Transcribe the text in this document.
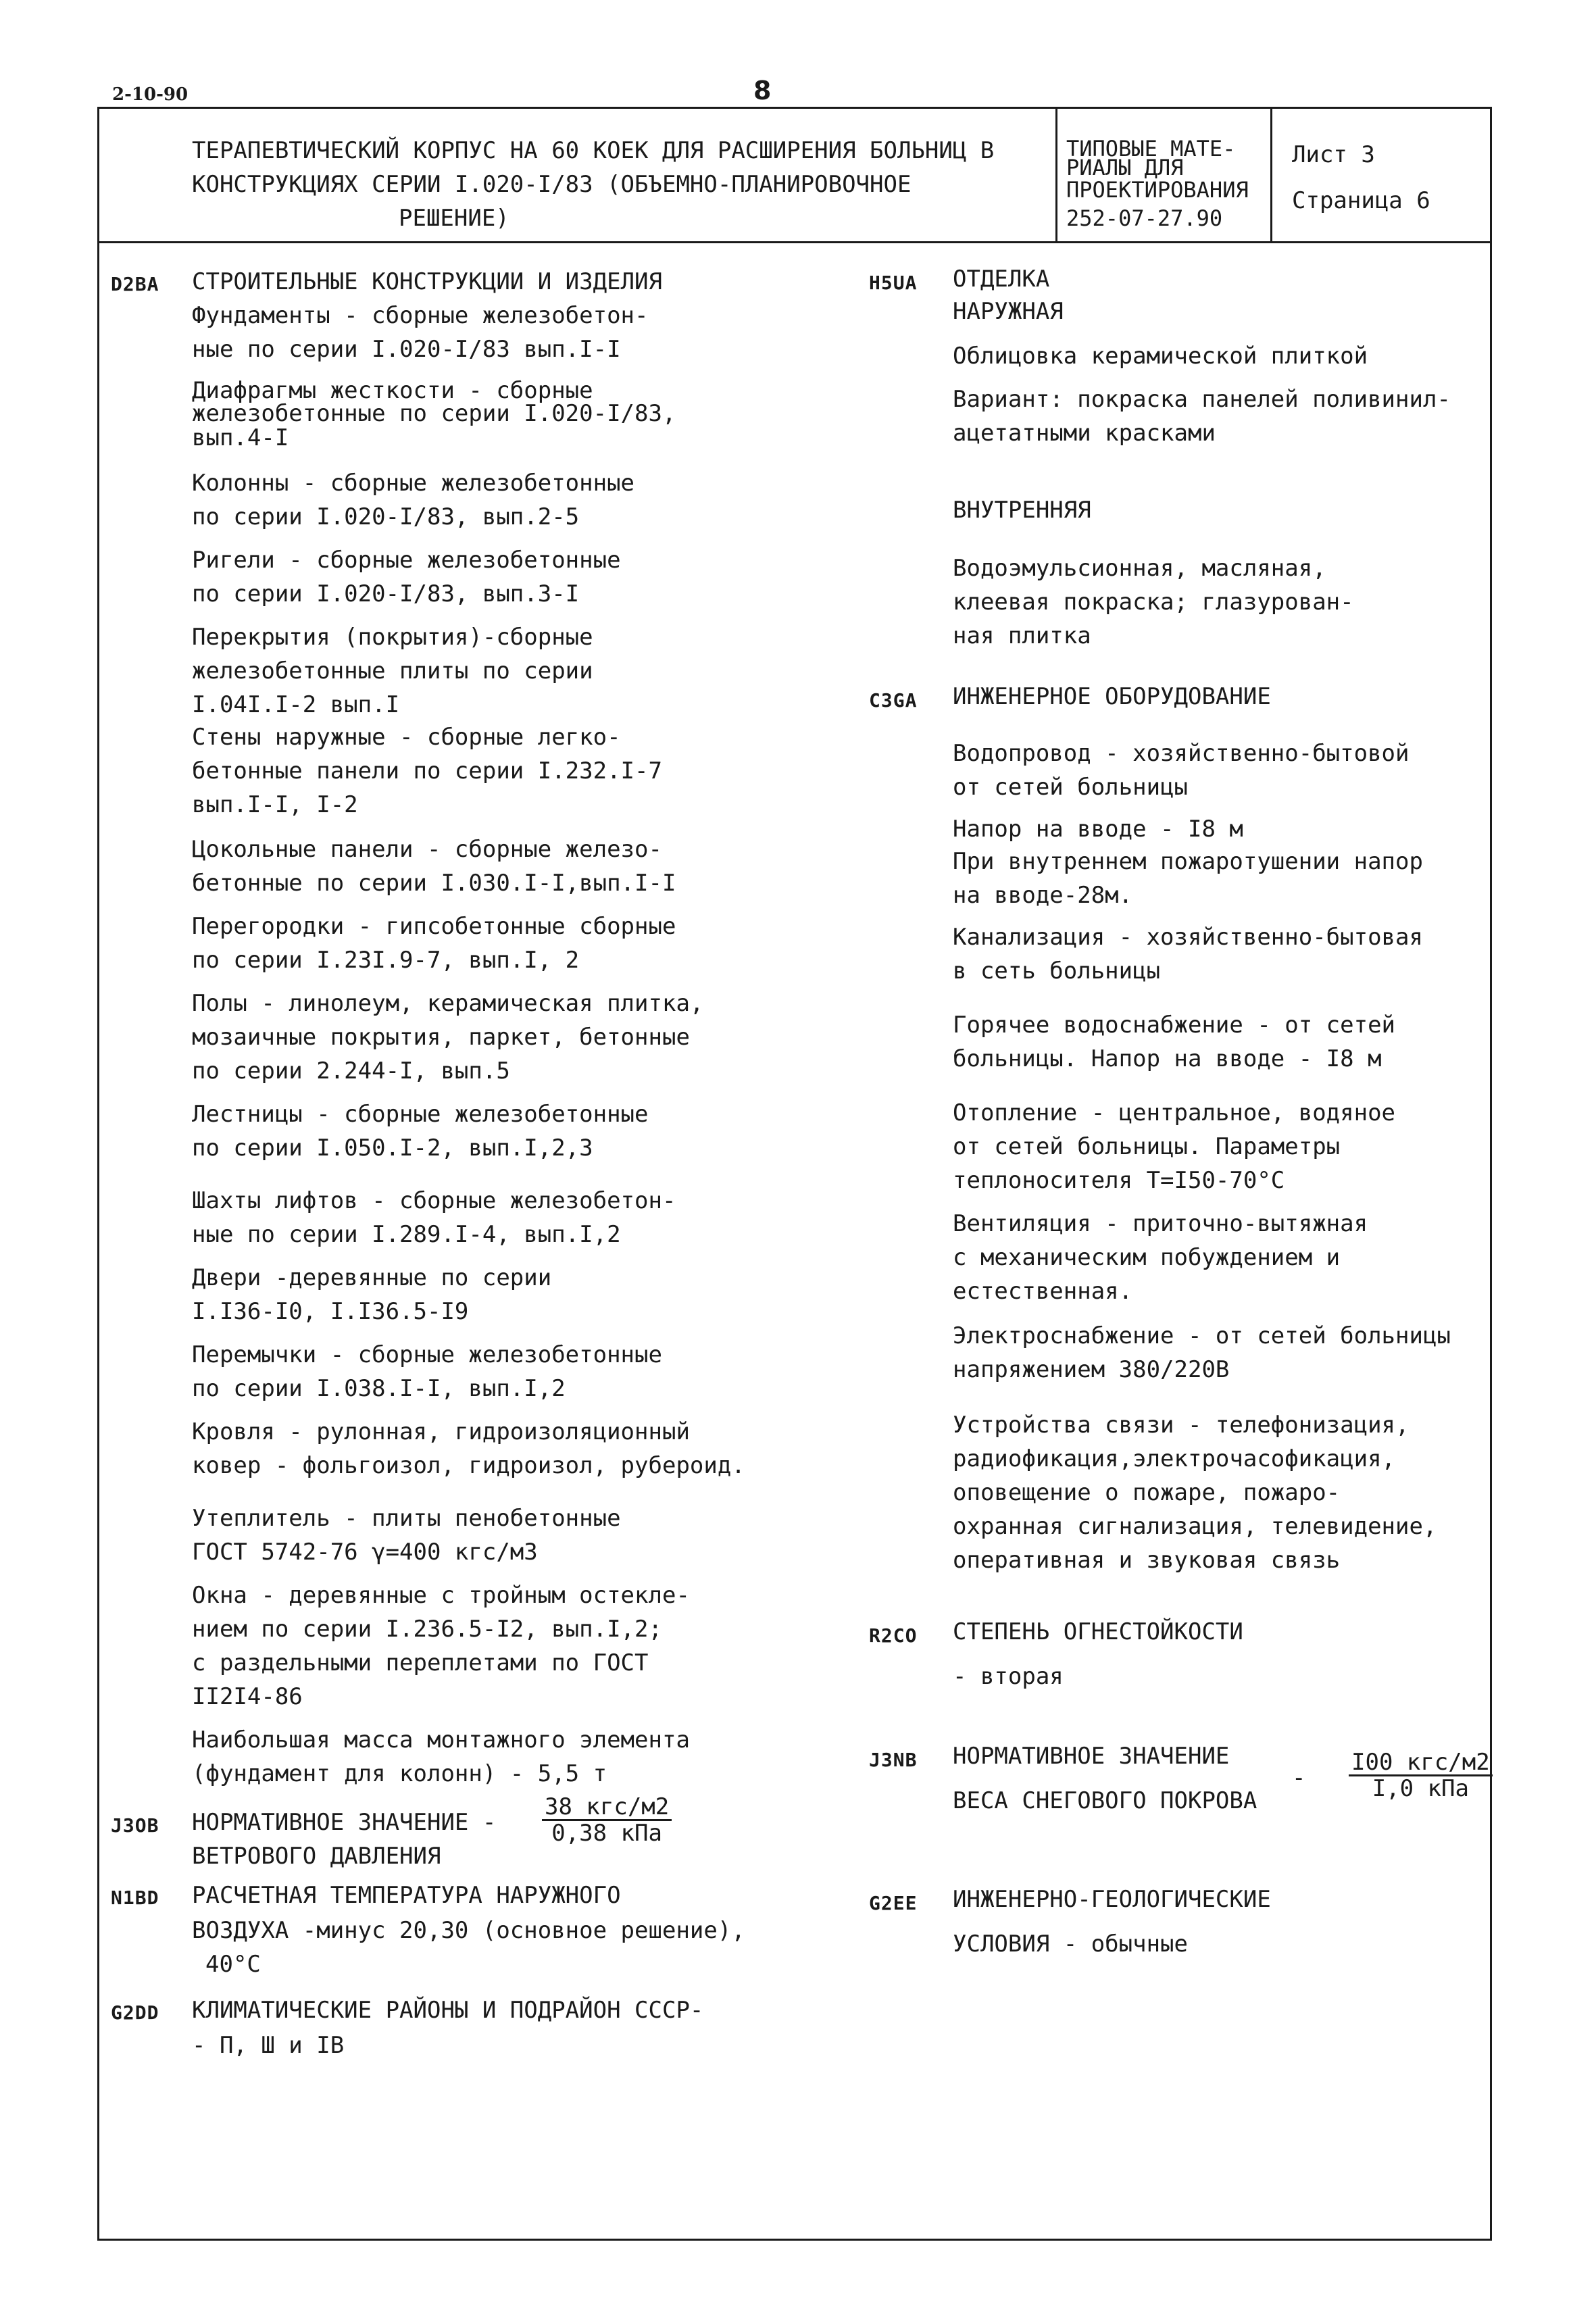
2-10-90	8
ТЕРАПЕВТИЧЕСКИЙ КОРПУС НА 60 КОЕК ДЛЯ РАСШИРЕНИЯ БОЛЬНИЦ В
КОНСТРУКЦИЯХ СЕРИИ I.020-I/83 (ОБЪЕМНО-ПЛАНИРОВОЧНОЕ
РЕШЕНИЕ)
ТИПОВЫЕ МАТЕ-
РИАЛЫ ДЛЯ
ПРОЕКТИРОВАНИЯ
252-07-27.90
Лист 3
Страница 6
D2BA СТРОИТЕЛЬНЫЕ КОНСТРУКЦИИ И ИЗДЕЛИЯ
Фундаменты - сборные железобетон-
ные по серии I.020-I/83 вып.I-I
Диафрагмы жесткости - сборные
железобетонные по серии I.020-I/83,
вып.4-I
Колонны - сборные железобетонные
по серии I.020-I/83, вып.2-5
Ригели - сборные железобетонные
по серии I.020-I/83, вып.3-I
Перекрытия (покрытия)-сборные
железобетонные плиты по серии
I.04I.I-2 вып.I
Стены наружные - сборные легко-
бетонные панели по серии I.232.I-7
вып.I-I, I-2
Цокольные панели - сборные железо-
бетонные по серии I.030.I-I,вып.I-I
Перегородки - гипсобетонные сборные
по серии I.23I.9-7, вып.I, 2
Полы - линолеум, керамическая плитка,
мозаичные покрытия, паркет, бетонные
по серии 2.244-I, вып.5
Лестницы - сборные железобетонные
по серии I.050.I-2, вып.I,2,3
Шахты лифтов - сборные железобетон-
ные по серии I.289.I-4, вып.I,2
Двери -деревянные по серии
I.I36-I0, I.I36.5-I9
Перемычки - сборные железобетонные
по серии I.038.I-I, вып.I,2
Кровля - рулонная, гидроизоляционный
ковер - фольгоизол, гидроизол, рубероид.
Утеплитель - плиты пенобетонные
ГОСТ 5742-76 γ=400 кгс/м3
Окна - деревянные с тройным остекле-
нием по серии I.236.5-I2, вып.I,2;
с раздельными переплетами по ГОСТ
II2I4-86
Наибольшая масса монтажного элемента
(фундамент для колонн) - 5,5 т
J3OB НОРМАТИВНОЕ ЗНАЧЕНИЕ -
ВЕТРОВОГО ДАВЛЕНИЯ
38 кгс/м2
0,38 кПа
N1BD РАСЧЕТНАЯ ТЕМПЕРАТУРА НАРУЖНОГО
ВОЗДУХА -минус 20,30 (основное решение),
40°С
G2DD КЛИМАТИЧЕСКИЕ РАЙОНЫ И ПОДРАЙОН СССР-
- П, Ш и IВ
H5UA ОТДЕЛКА
НАРУЖНАЯ
Облицовка керамической плиткой
Вариант: покраска панелей поливинил-
ацетатными красками
ВНУТРЕННЯЯ
Водоэмульсионная, масляная,
клеевая покраска; глазурован-
ная плитка
C3GA ИНЖЕНЕРНОЕ ОБОРУДОВАНИЕ
Водопровод - хозяйственно-бытовой
от сетей больницы
Напор на вводе - I8 м
При внутреннем пожаротушении напор
на вводе-28м.
Канализация - хозяйственно-бытовая
в сеть больницы
Горячее водоснабжение - от сетей
больницы. Напор на вводе - I8 м
Отопление - центральное, водяное
от сетей больницы. Параметры
теплоносителя Т=I50-70°С
Вентиляция - приточно-вытяжная
с механическим побуждением и
естественная.
Электроснабжение - от сетей больницы
напряжением 380/220В
Устройства связи - телефонизация,
радиофикация,электрочасофикация,
оповещение о пожаре, пожаро-
охранная сигнализация, телевидение,
оперативная и звуковая связь
R2CO СТЕПЕНЬ ОГНЕСТОЙКОСТИ
- вторая
J3NB НОРМАТИВНОЕ ЗНАЧЕНИЕ
ВЕСА СНЕГОВОГО ПОКРОВА
-
I00 кгс/м2
I,0 кПа
G2EE ИНЖЕНЕРНО-ГЕОЛОГИЧЕСКИЕ
УСЛОВИЯ - обычные
